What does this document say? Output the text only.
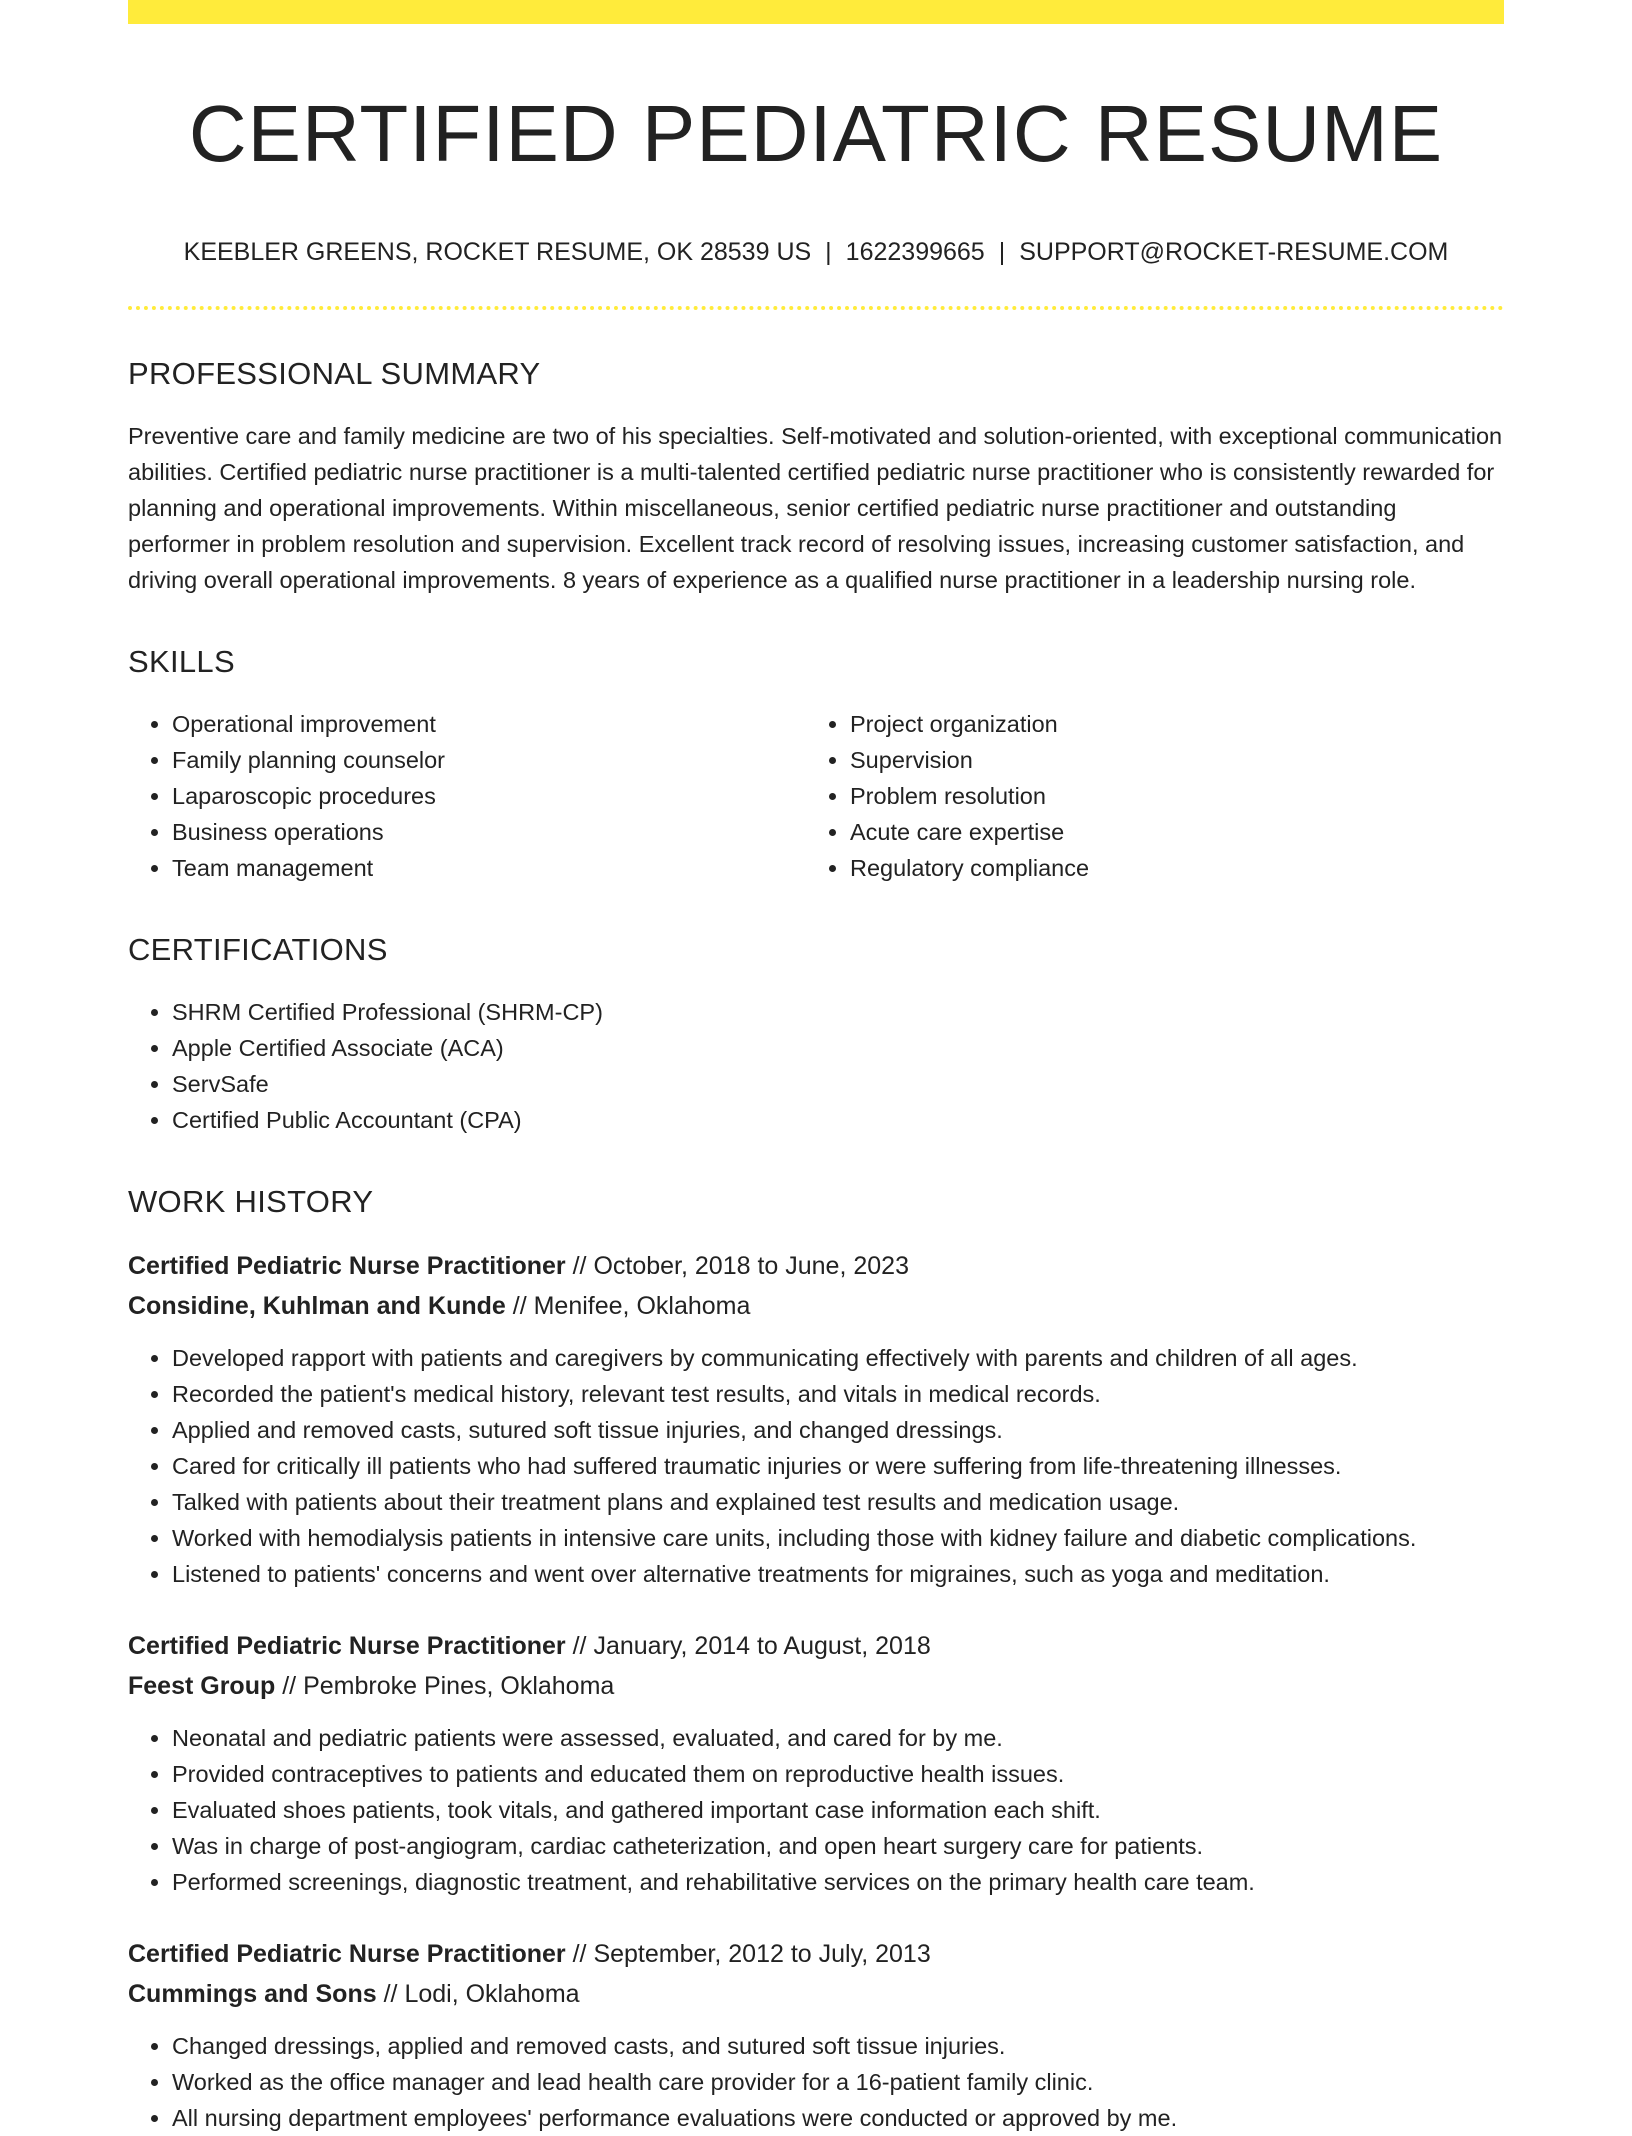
CERTIFIED PEDIATRIC RESUME
KEEBLER GREENS, ROCKET RESUME, OK 28539 US | 1622399665 | SUPPORT@ROCKET-RESUME.COM
PROFESSIONAL SUMMARY

Preventive care and family medicine are two of his specialties. Self-motivated and solution-oriented, with exceptional communication abilities. Certified pediatric nurse practitioner is a multi-talented certified pediatric nurse practitioner who is consistently rewarded for planning and operational improvements. Within miscellaneous, senior certified pediatric nurse practitioner and outstanding performer in problem resolution and supervision. Excellent track record of resolving issues, increasing customer satisfaction, and driving overall operational improvements. 8 years of experience as a qualified nurse practitioner in a leadership nursing role.

SKILLS
• Operational improvement
• Family planning counselor
• Laparoscopic procedures
• Business operations
• Team management
• Project organization
• Supervision
• Problem resolution
• Acute care expertise
• Regulatory compliance
CERTIFICATIONS
• SHRM Certified Professional (SHRM-CP)
• Apple Certified Associate (ACA)
• ServSafe
• Certified Public Accountant (CPA)
WORK HISTORY
Certified Pediatric Nurse Practitioner // October, 2018 to June, 2023
Considine, Kuhlman and Kunde // Menifee, Oklahoma
• Developed rapport with patients and caregivers by communicating effectively with parents and children of all ages.
• Recorded the patient's medical history, relevant test results, and vitals in medical records.
• Applied and removed casts, sutured soft tissue injuries, and changed dressings.
• Cared for critically ill patients who had suffered traumatic injuries or were suffering from life-threatening illnesses.
• Talked with patients about their treatment plans and explained test results and medication usage.
• Worked with hemodialysis patients in intensive care units, including those with kidney failure and diabetic complications.
• Listened to patients' concerns and went over alternative treatments for migraines, such as yoga and meditation.
Certified Pediatric Nurse Practitioner // January, 2014 to August, 2018
Feest Group // Pembroke Pines, Oklahoma
• Neonatal and pediatric patients were assessed, evaluated, and cared for by me.
• Provided contraceptives to patients and educated them on reproductive health issues.
• Evaluated shoes patients, took vitals, and gathered important case information each shift.
• Was in charge of post-angiogram, cardiac catheterization, and open heart surgery care for patients.
• Performed screenings, diagnostic treatment, and rehabilitative services on the primary health care team.
Certified Pediatric Nurse Practitioner // September, 2012 to July, 2013
Cummings and Sons // Lodi, Oklahoma
• Changed dressings, applied and removed casts, and sutured soft tissue injuries.
• Worked as the office manager and lead health care provider for a 16-patient family clinic.
• All nursing department employees' performance evaluations were conducted or approved by me.
